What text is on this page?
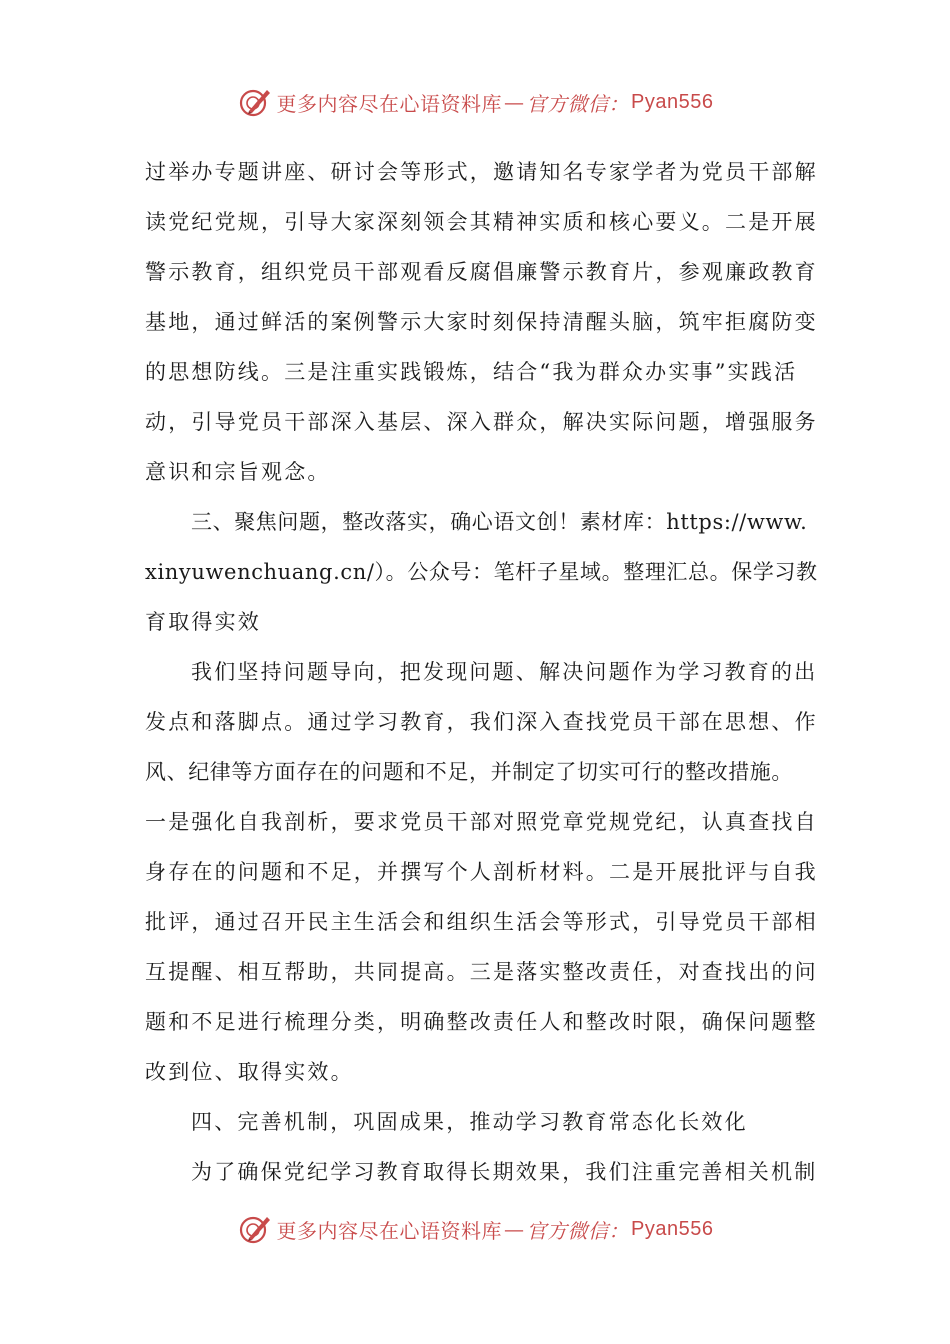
更多内容尽在心语资料库 — 官方微信： Pyan556
过举办专题讲座、研讨会等形式，邀请知名专家学者为党员干部解
读党纪党规，引导大家深刻领会其精神实质和核心要义。二是开展
警示教育，组织党员干部观看反腐倡廉警示教育片，参观廉政教育
基地，通过鲜活的案例警示大家时刻保持清醒头脑，筑牢拒腐防变
的思想防线。三是注重实践锻炼，结合“我为群众办实事”实践活
动，引导党员干部深入基层、深入群众，解决实际问题，增强服务
意识和宗旨观念。
三、聚焦问题，整改落实，确心语文创！素材库：https://www.
xinyuwenchuang.cn/）。公众号：笔杆子星域。整理汇总。保学习教
育取得实效
我们坚持问题导向，把发现问题、解决问题作为学习教育的出
发点和落脚点。通过学习教育，我们深入查找党员干部在思想、作
风、纪律等方面存在的问题和不足，并制定了切实可行的整改措施。
一是强化自我剖析，要求党员干部对照党章党规党纪，认真查找自
身存在的问题和不足，并撰写个人剖析材料。二是开展批评与自我
批评，通过召开民主生活会和组织生活会等形式，引导党员干部相
互提醒、相互帮助，共同提高。三是落实整改责任，对查找出的问
题和不足进行梳理分类，明确整改责任人和整改时限，确保问题整
改到位、取得实效。
四、完善机制，巩固成果，推动学习教育常态化长效化
为了确保党纪学习教育取得长期效果，我们注重完善相关机制
更多内容尽在心语资料库 — 官方微信： Pyan556
